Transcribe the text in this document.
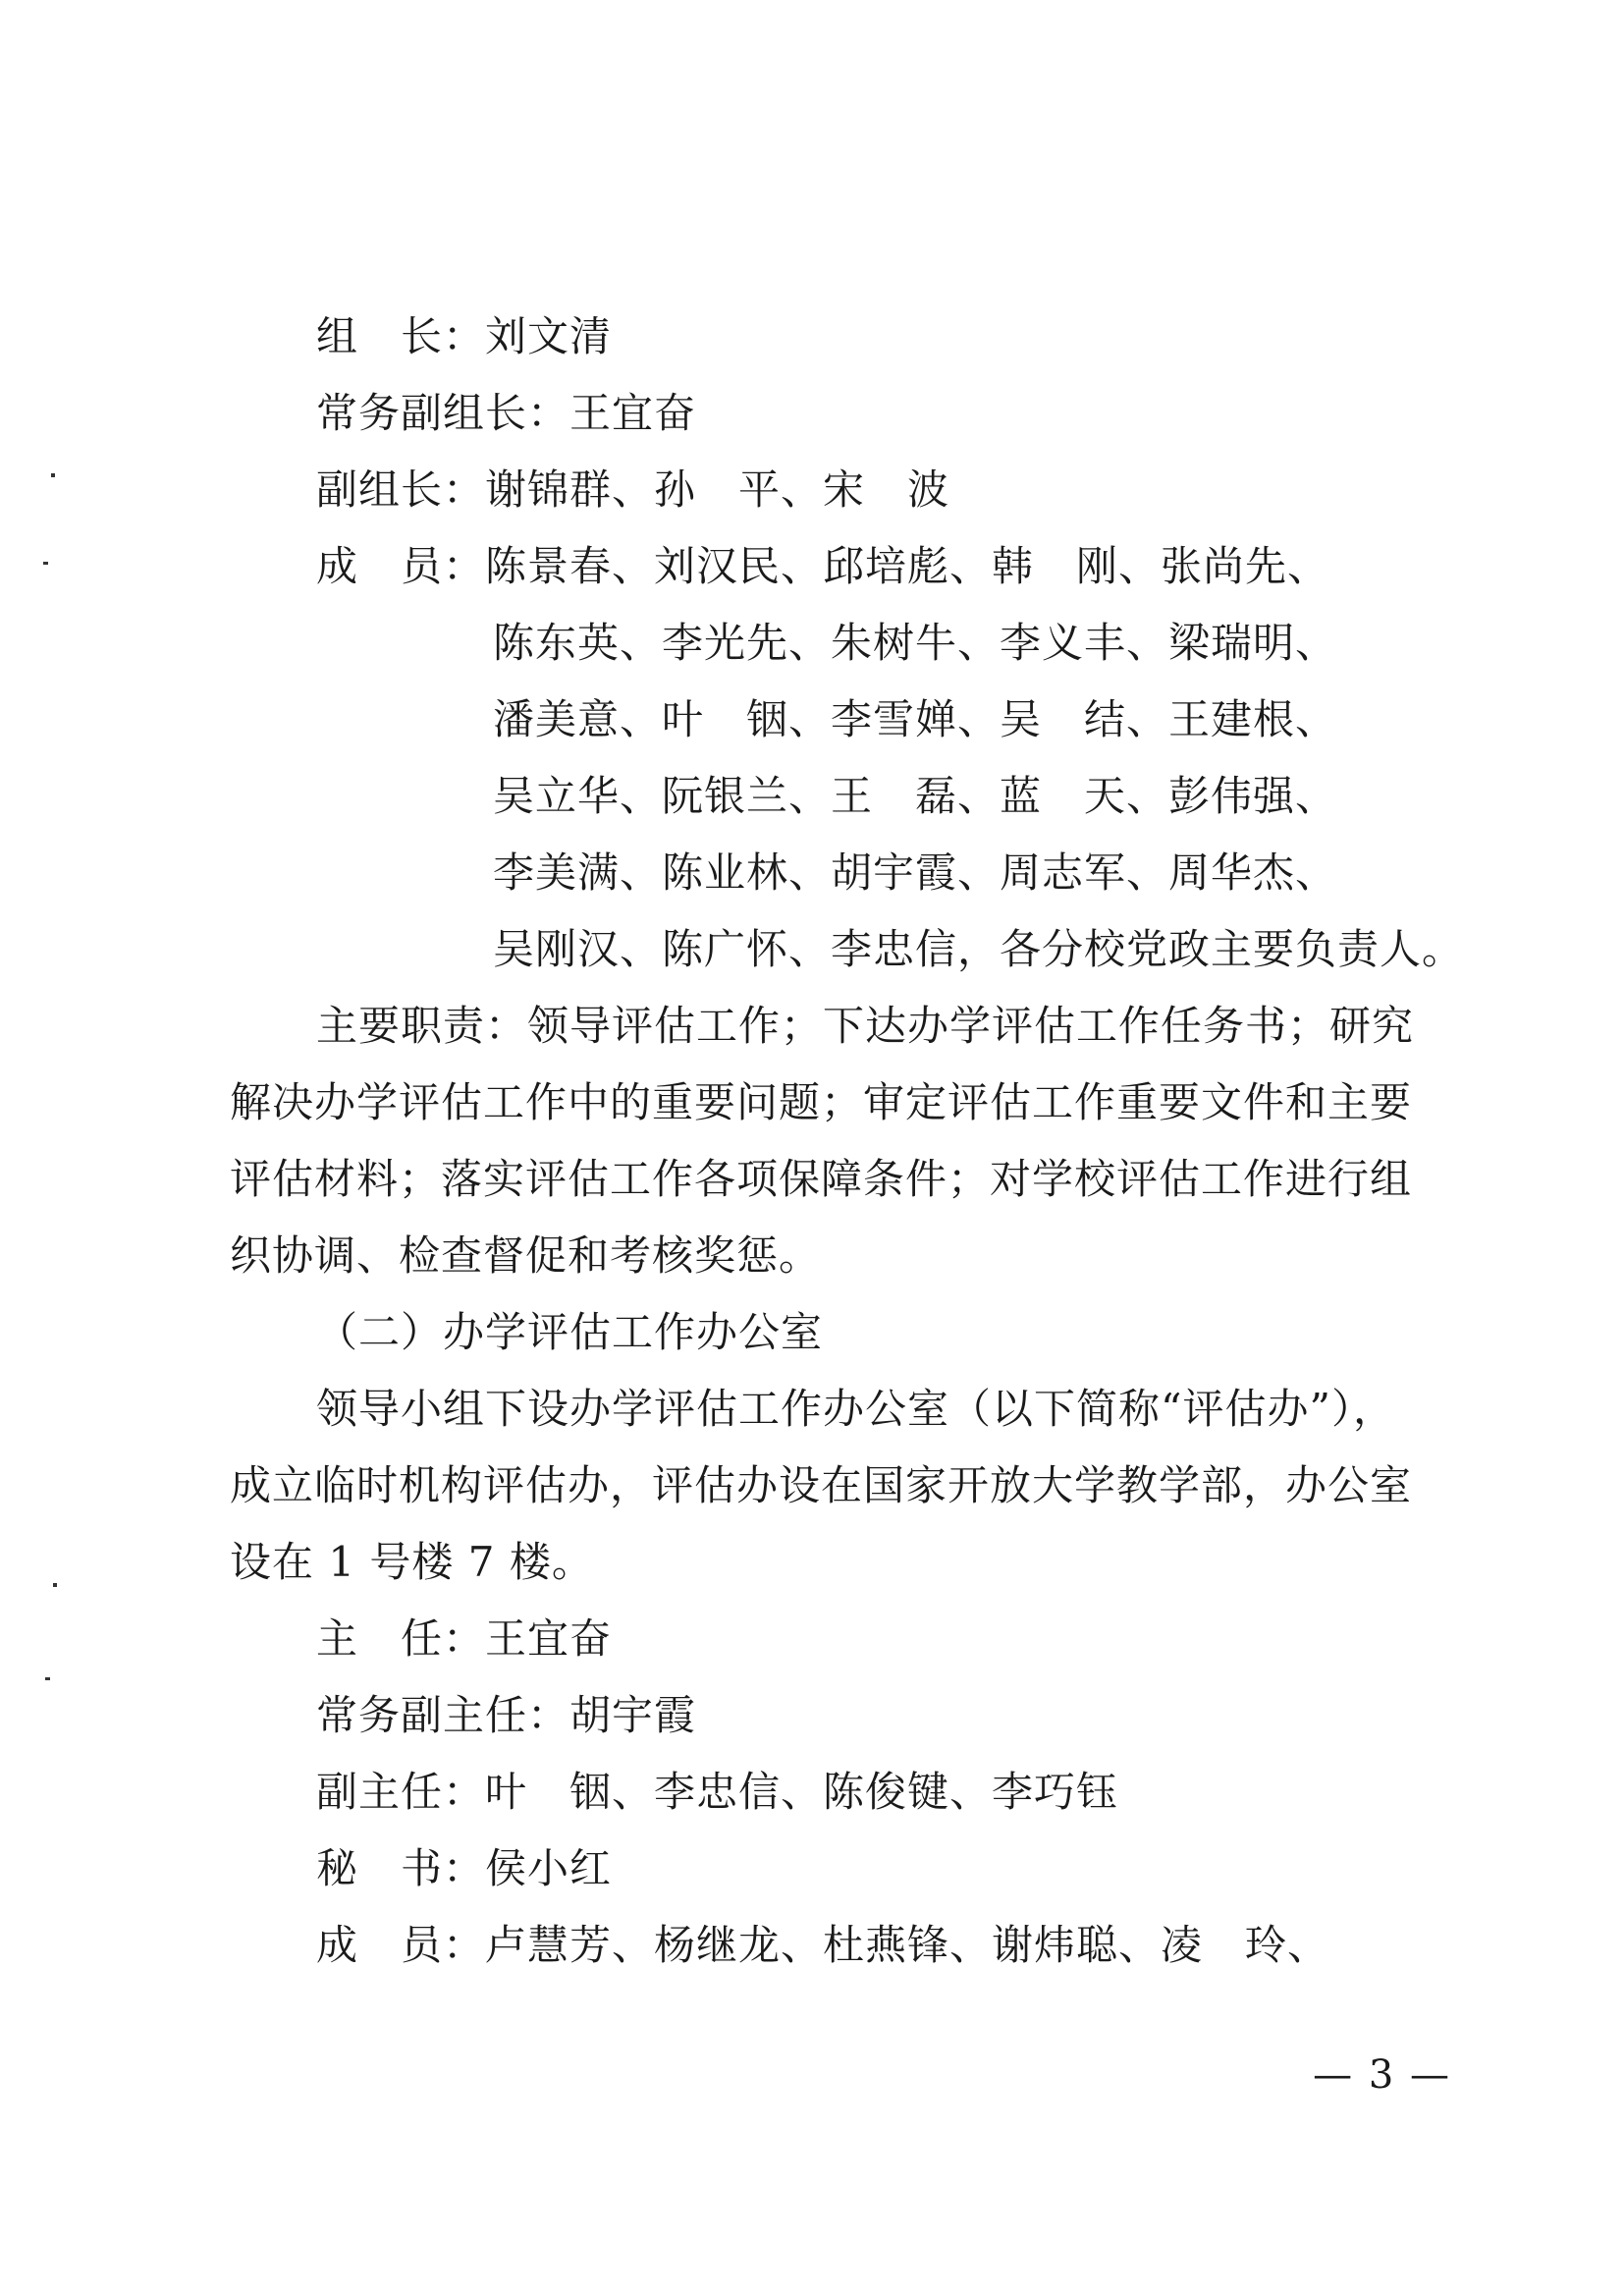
组　长：刘文清
常务副组长：王宜奋
副组长：谢锦群、孙　平、宋　波
成　员：陈景春、刘汉民、邱培彪、韩　刚、张尚先、
陈东英、李光先、朱树牛、李义丰、梁瑞明、
潘美意、叶　铟、李雪婵、吴　结、王建根、
吴立华、阮银兰、王　磊、蓝　天、彭伟强、
李美满、陈业林、胡宇霞、周志军、周华杰、
吴刚汉、陈广怀、李忠信，各分校党政主要负责人。
主要职责：领导评估工作；下达办学评估工作任务书；研究
解决办学评估工作中的重要问题；审定评估工作重要文件和主要
评估材料；落实评估工作各项保障条件；对学校评估工作进行组
织协调、检查督促和考核奖惩。
（二）办学评估工作办公室
领导小组下设办学评估工作办公室（以下简称“评估办”），
成立临时机构评估办，评估办设在国家开放大学教学部，办公室
设在 1 号楼 7 楼。
主　任：王宜奋
常务副主任：胡宇霞
副主任：叶　铟、李忠信、陈俊键、李巧钰
秘　书：侯小红
成　员：卢慧芳、杨继龙、杜燕锋、谢炜聪、凌　玲、
— 3 —
